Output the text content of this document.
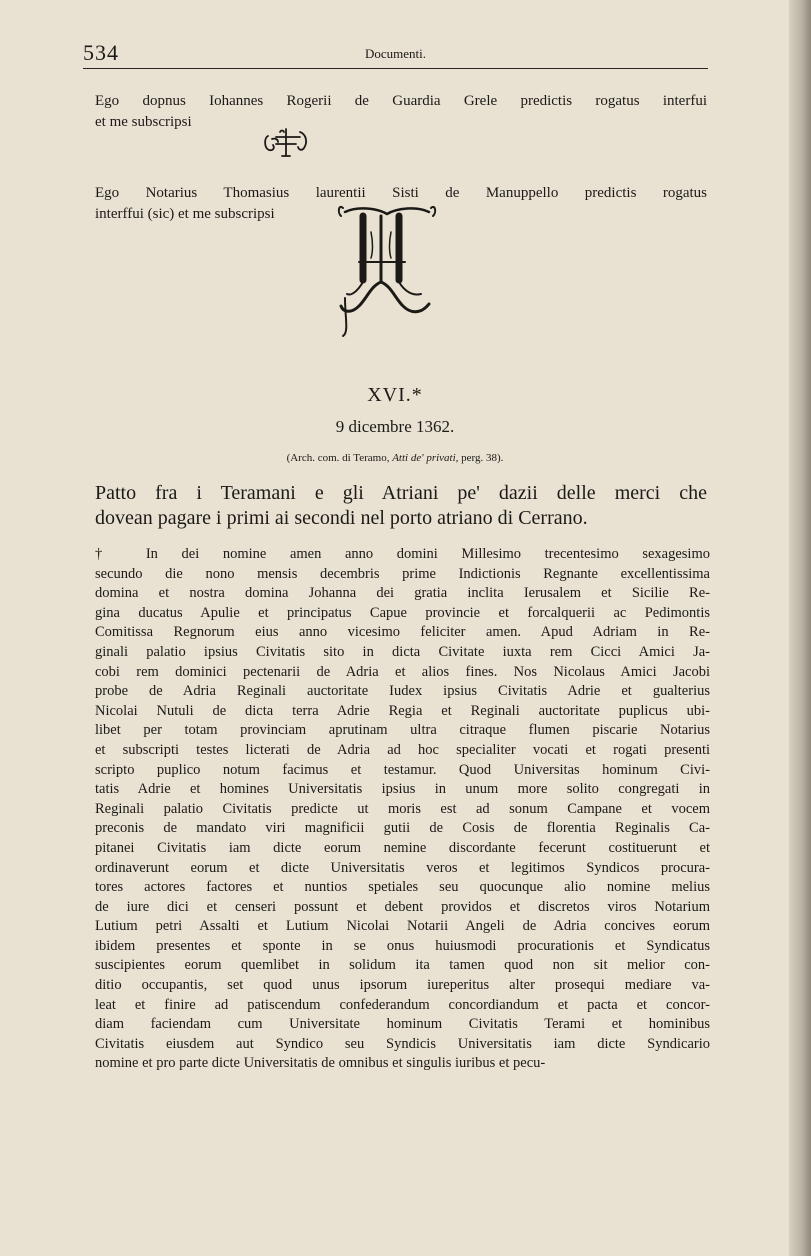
534	Documenti.
Ego dopnus Iohannes Rogerii de Guardia Grele predictis rogatus interfui
et me subscripsi
Ego Notarius Thomasius laurentii Sisti de Manuppello predictis rogatus
interffui (sic) et me subscripsi
XVI.*
9 dicembre 1362.
(Arch. com. di Teramo, Atti de' privati, perg. 38).
Patto fra i Teramani e gli Atriani pe' dazii delle merci che
dovean pagare i primi ai secondi nel porto atriano di Cerrano.
† In dei nomine amen anno domini Millesimo trecentesimo sexagesimo
secundo die nono mensis decembris prime Indictionis Regnante excellentissima
domina et nostra domina Johanna dei gratia inclita Ierusalem et Sicilie Re-
gina ducatus Apulie et principatus Capue provincie et forcalquerii ac Pedimontis
Comitissa Regnorum eius anno vicesimo feliciter amen. Apud Adriam in Re-
ginali palatio ipsius Civitatis sito in dicta Civitate iuxta rem Cicci Amici Ja-
cobi rem dominici pectenarii de Adria et alios fines. Nos Nicolaus Amici Jacobi
probe de Adria Reginali auctoritate Iudex ipsius Civitatis Adrie et gualterius
Nicolai Nutuli de dicta terra Adrie Regia et Reginali auctoritate puplicus ubi-
libet per totam provinciam aprutinam ultra citraque flumen piscarie Notarius
et subscripti testes licterati de Adria ad hoc specialiter vocati et rogati presenti
scripto puplico notum facimus et testamur. Quod Universitas hominum Civi-
tatis Adrie et homines Universitatis ipsius in unum more solito congregati in
Reginali palatio Civitatis predicte ut moris est ad sonum Campane et vocem
preconis de mandato viri magnificii gutii de Cosis de florentia Reginalis Ca-
pitanei Civitatis iam dicte eorum nemine discordante fecerunt costituerunt et
ordinaverunt eorum et dicte Universitatis veros et legitimos Syndicos procura-
tores actores factores et nuntios spetiales seu quocunque alio nomine melius
de iure dici et censeri possunt et debent providos et discretos viros Notarium
Lutium petri Assalti et Lutium Nicolai Notarii Angeli de Adria concives eorum
ibidem presentes et sponte in se onus huiusmodi procurationis et Syndicatus
suscipientes eorum quemlibet in solidum ita tamen quod non sit melior con-
ditio occupantis, set quod unus ipsorum iureperitus alter prosequi mediare va-
leat et finire ad patiscendum confederandum concordiandum et pacta et concor-
diam faciendam cum Universitate hominum Civitatis Terami et hominibus
Civitatis eiusdem aut Syndico seu Syndicis Universitatis iam dicte Syndicario
nomine et pro parte dicte Universitatis de omnibus et singulis iuribus et pecu-
